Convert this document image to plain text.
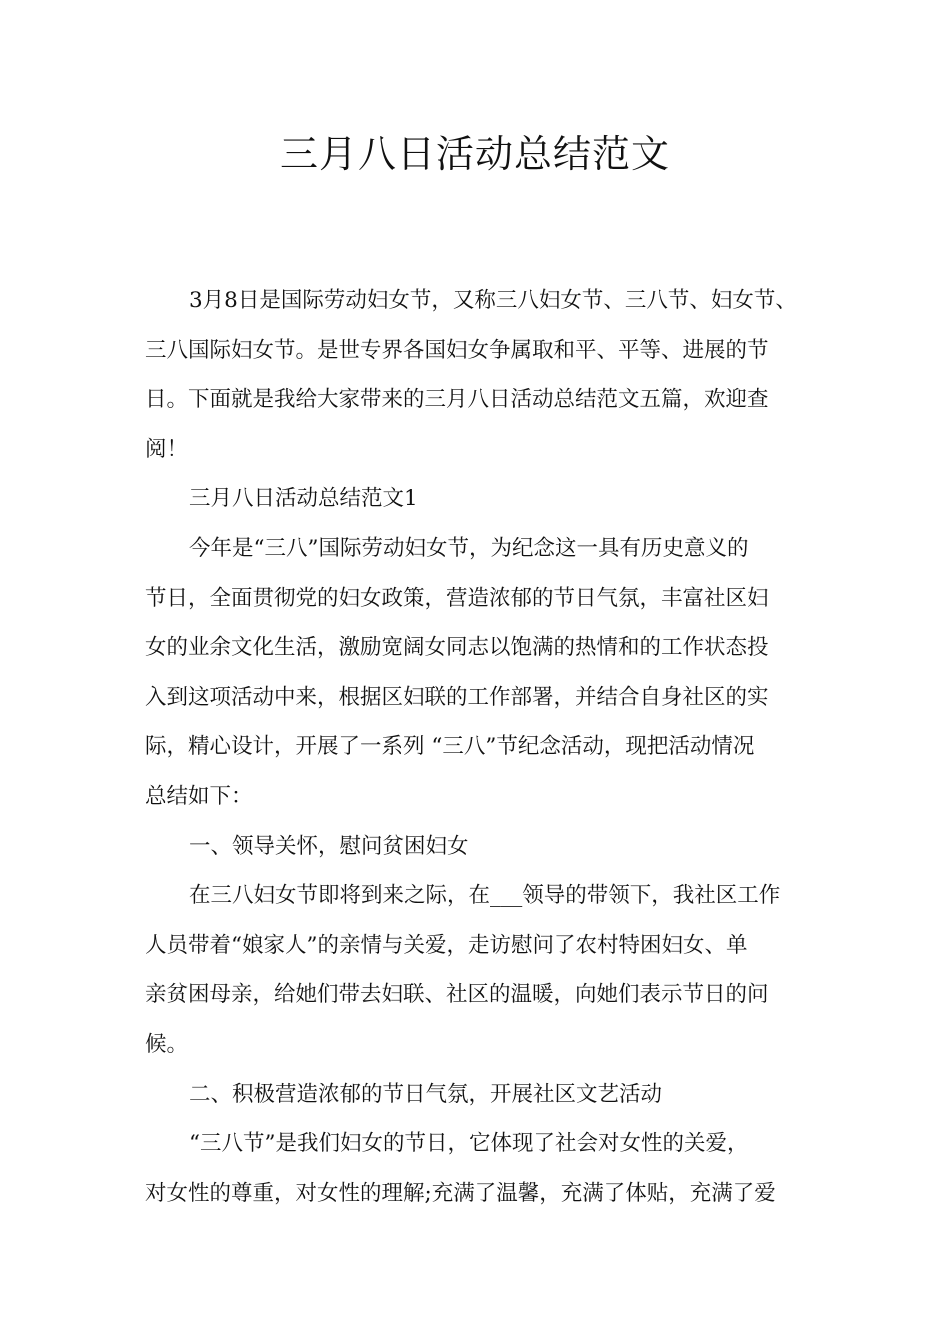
三月八日活动总结范文
3月8日是国际劳动妇女节，又称三八妇女节、三八节、妇女节、
三八国际妇女节。是世专界各国妇女争属取和平、平等、进展的节
日。下面就是我给大家带来的三月八日活动总结范文五篇，欢迎查
阅！
三月八日活动总结范文1
今年是“三八”国际劳动妇女节，为纪念这一具有历史意义的
节日，全面贯彻党的妇女政策，营造浓郁的节日气氛，丰富社区妇
女的业余文化生活，激励宽阔女同志以饱满的热情和的工作状态投
入到这项活动中来，根据区妇联的工作部署，并结合自身社区的实
际，精心设计，开展了一系列 “三八”节纪念活动，现把活动情况
总结如下：
一、领导关怀，慰问贫困妇女
在三八妇女节即将到来之际，在___领导的带领下，我社区工作
人员带着“娘家人”的亲情与关爱，走访慰问了农村特困妇女、单
亲贫困母亲，给她们带去妇联、社区的温暖，向她们表示节日的问
候。
二、积极营造浓郁的节日气氛，开展社区文艺活动
“三八节”是我们妇女的节日，它体现了社会对女性的关爱，
对女性的尊重，对女性的理解;充满了温馨，充满了体贴，充满了爱
